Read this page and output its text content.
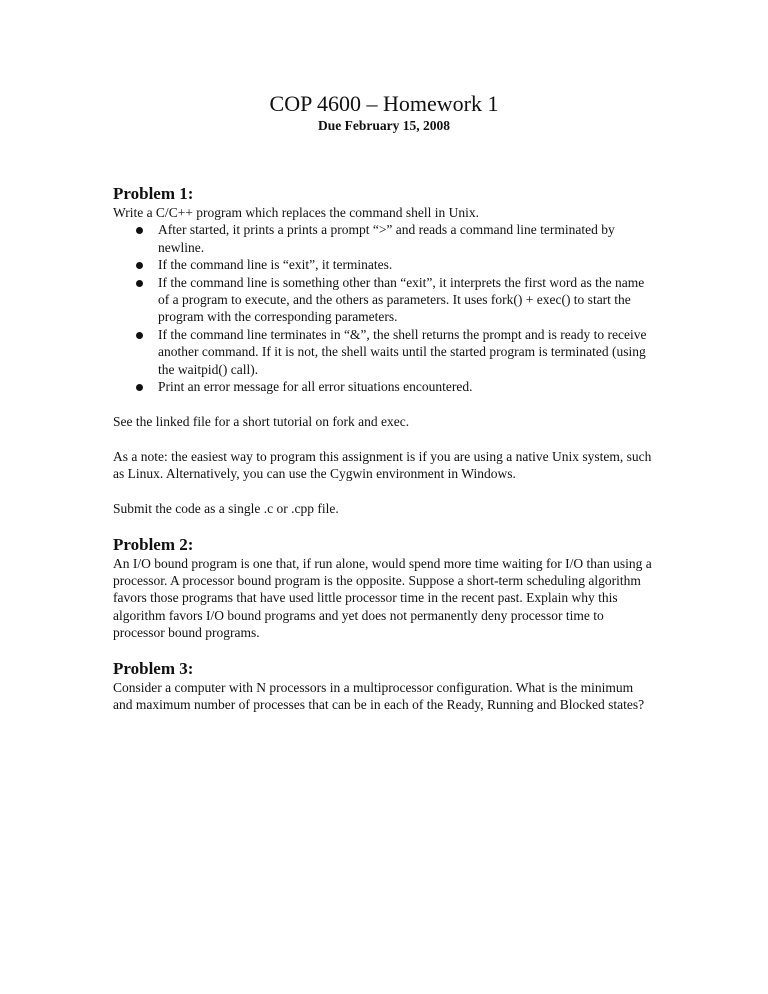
COP 4600 – Homework 1

Due February 15, 2008

Problem 1:

Write a C/C++ program which replaces the command shell in Unix.

After started, it prints a prints a prompt “>” and reads a command line terminated by newline.
If the command line is “exit”, it terminates.
If the command line is something other than “exit”, it interprets the first word as the name of a program to execute, and the others as parameters. It uses fork() + exec() to start the program with the corresponding parameters.
If the command line terminates in “&”, the shell returns the prompt and is ready to receive another command. If it is not, the shell waits until the started program is terminated (using the waitpid() call).
Print an error message for all error situations encountered.

See the linked file for a short tutorial on fork and exec.

As a note: the easiest way to program this assignment is if you are using a native Unix system, such as Linux. Alternatively, you can use the Cygwin environment in Windows.

Submit the code as a single .c or .cpp file.

Problem 2:

An I/O bound program is one that, if run alone, would spend more time waiting for I/O than using a processor. A processor bound program is the opposite. Suppose a short-term scheduling algorithm favors those programs that have used little processor time in the recent past. Explain why this algorithm favors I/O bound programs and yet does not permanently deny processor time to processor bound programs.

Problem 3:

Consider a computer with N processors in a multiprocessor configuration. What is the minimum and maximum number of processes that can be in each of the Ready, Running and Blocked states?
